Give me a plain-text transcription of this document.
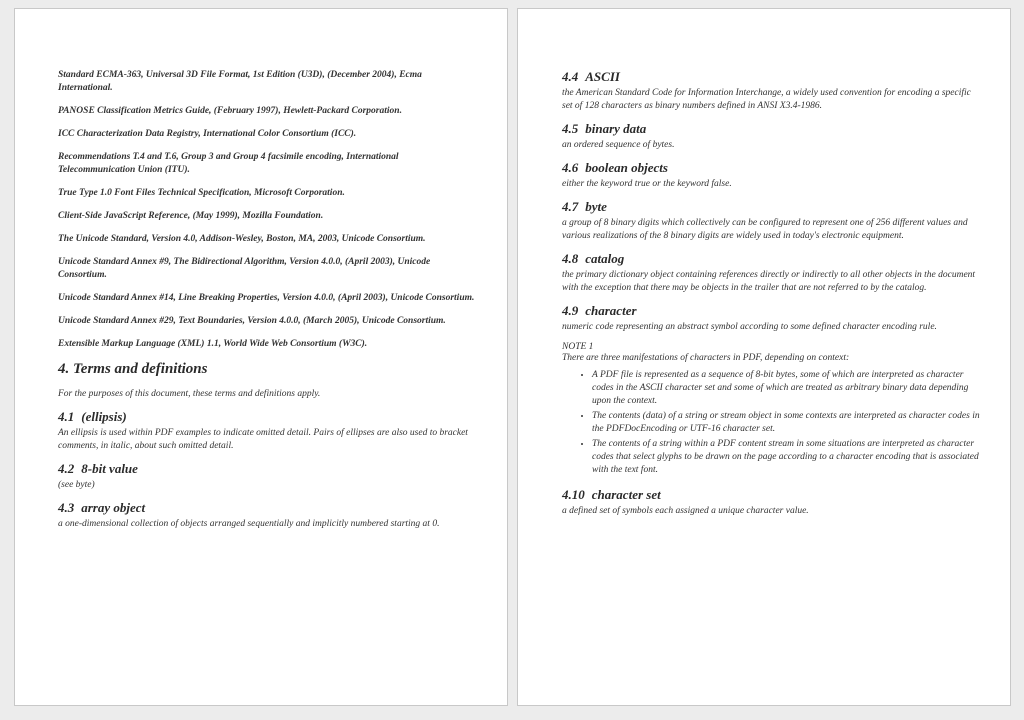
Standard ECMA-363, Universal 3D File Format, 1st Edition (U3D), (December 2004), Ecma International.

PANOSE Classification Metrics Guide, (February 1997), Hewlett-Packard Corporation.

ICC Characterization Data Registry, International Color Consortium (ICC).

Recommendations T.4 and T.6, Group 3 and Group 4 facsimile encoding, International Telecommunication Union (ITU).

True Type 1.0 Font Files Technical Specification, Microsoft Corporation.

Client-Side JavaScript Reference, (May 1999), Mozilla Foundation.

The Unicode Standard, Version 4.0, Addison-Wesley, Boston, MA, 2003, Unicode Consortium.

Unicode Standard Annex #9, The Bidirectional Algorithm, Version 4.0.0, (April 2003), Unicode Consortium.

Unicode Standard Annex #14, Line Breaking Properties, Version 4.0.0, (April 2003), Unicode Consortium.

Unicode Standard Annex #29, Text Boundaries, Version 4.0.0, (March 2005), Unicode Consortium.

Extensible Markup Language (XML) 1.1, World Wide Web Consortium (W3C).

4. Terms and definitions

For the purposes of this document, these terms and definitions apply.

4.1 (ellipsis)

An ellipsis is used within PDF examples to indicate omitted detail. Pairs of ellipses are also used to bracket comments, in italic, about such omitted detail.

4.2 8-bit value

(see byte)

4.3 array object

a one-dimensional collection of objects arranged sequentially and implicitly numbered starting at 0.

4.4 ASCII

the American Standard Code for Information Interchange, a widely used convention for encoding a specific set of 128 characters as binary numbers defined in ANSI X3.4-1986.

4.5 binary data

an ordered sequence of bytes.

4.6 boolean objects

either the keyword true or the keyword false.

4.7 byte

a group of 8 binary digits which collectively can be configured to represent one of 256 different values and various realizations of the 8 binary digits are widely used in today's electronic equipment.

4.8 catalog

the primary dictionary object containing references directly or indirectly to all other objects in the document with the exception that there may be objects in the trailer that are not referred to by the catalog.

4.9 character

numeric code representing an abstract symbol according to some defined character encoding rule.

NOTE 1

There are three manifestations of characters in PDF, depending on context:

• A PDF file is represented as a sequence of 8-bit bytes, some of which are interpreted as character codes in the ASCII character set and some of which are treated as arbitrary binary data depending upon the context.
• The contents (data) of a string or stream object in some contexts are interpreted as character codes in the PDFDocEncoding or UTF-16 character set.
• The contents of a string within a PDF content stream in some situations are interpreted as character codes that select glyphs to be drawn on the page according to a character encoding that is associated with the text font.
4.10 character set

a defined set of symbols each assigned a unique character value.
